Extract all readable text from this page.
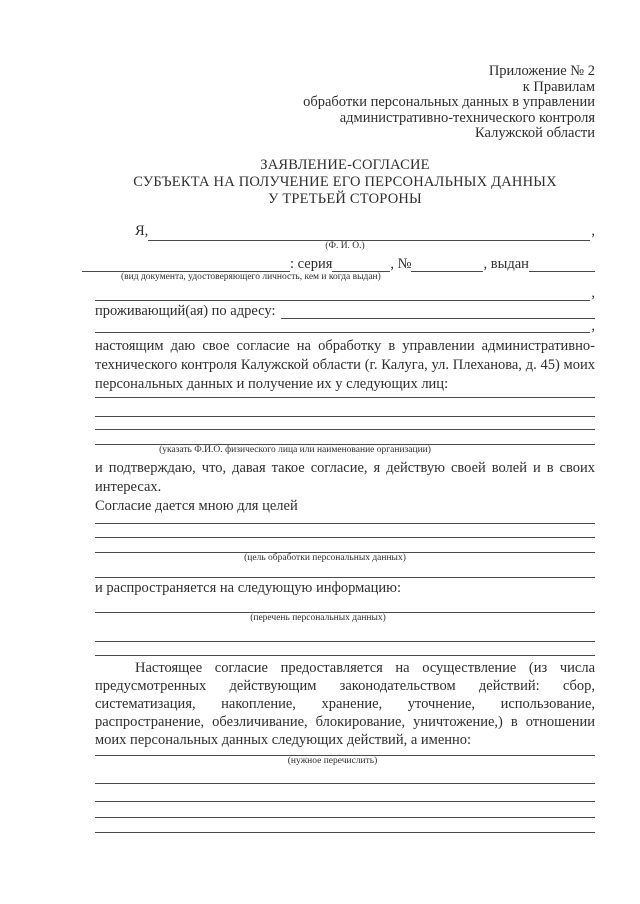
Приложение № 2
к Правилам
обработки персональных данных в управлении
административно-технического контроля
Калужской области
ЗАЯВЛЕНИЕ-СОГЛАСИЕ
СУБЪЕКТА НА ПОЛУЧЕНИЕ ЕГО ПЕРСОНАЛЬНЫХ ДАННЫХ
У ТРЕТЬЕЙ СТОРОНЫ
Я,	,
(Ф. И. О.)
: серия	, №	, выдан
(вид документа, удостоверяющего личность, кем и когда выдан)
,
проживающий(ая) по адресу:
,
настоящим даю свое согласие на обработку в управлении административно-технического контроля Калужской области (г. Калуга, ул. Плеханова, д. 45) моих персональных данных и получение их у следующих лиц:
(указать Ф.И.О. физического лица или наименование организации)
и подтверждаю, что, давая такое согласие, я действую своей волей и в своих интересах.
Согласие дается мною для целей
(цель обработки персональных данных)
и распространяется на следующую информацию:
(перечень персональных данных)
Настоящее согласие предоставляется на осуществление (из числа предусмотренных действующим законодательством действий: сбор, систематизация, накопление, хранение, уточнение, использование, распространение, обезличивание, блокирование, уничтожение,) в отношении моих персональных данных следующих действий, а именно:
(нужное перечислить)
